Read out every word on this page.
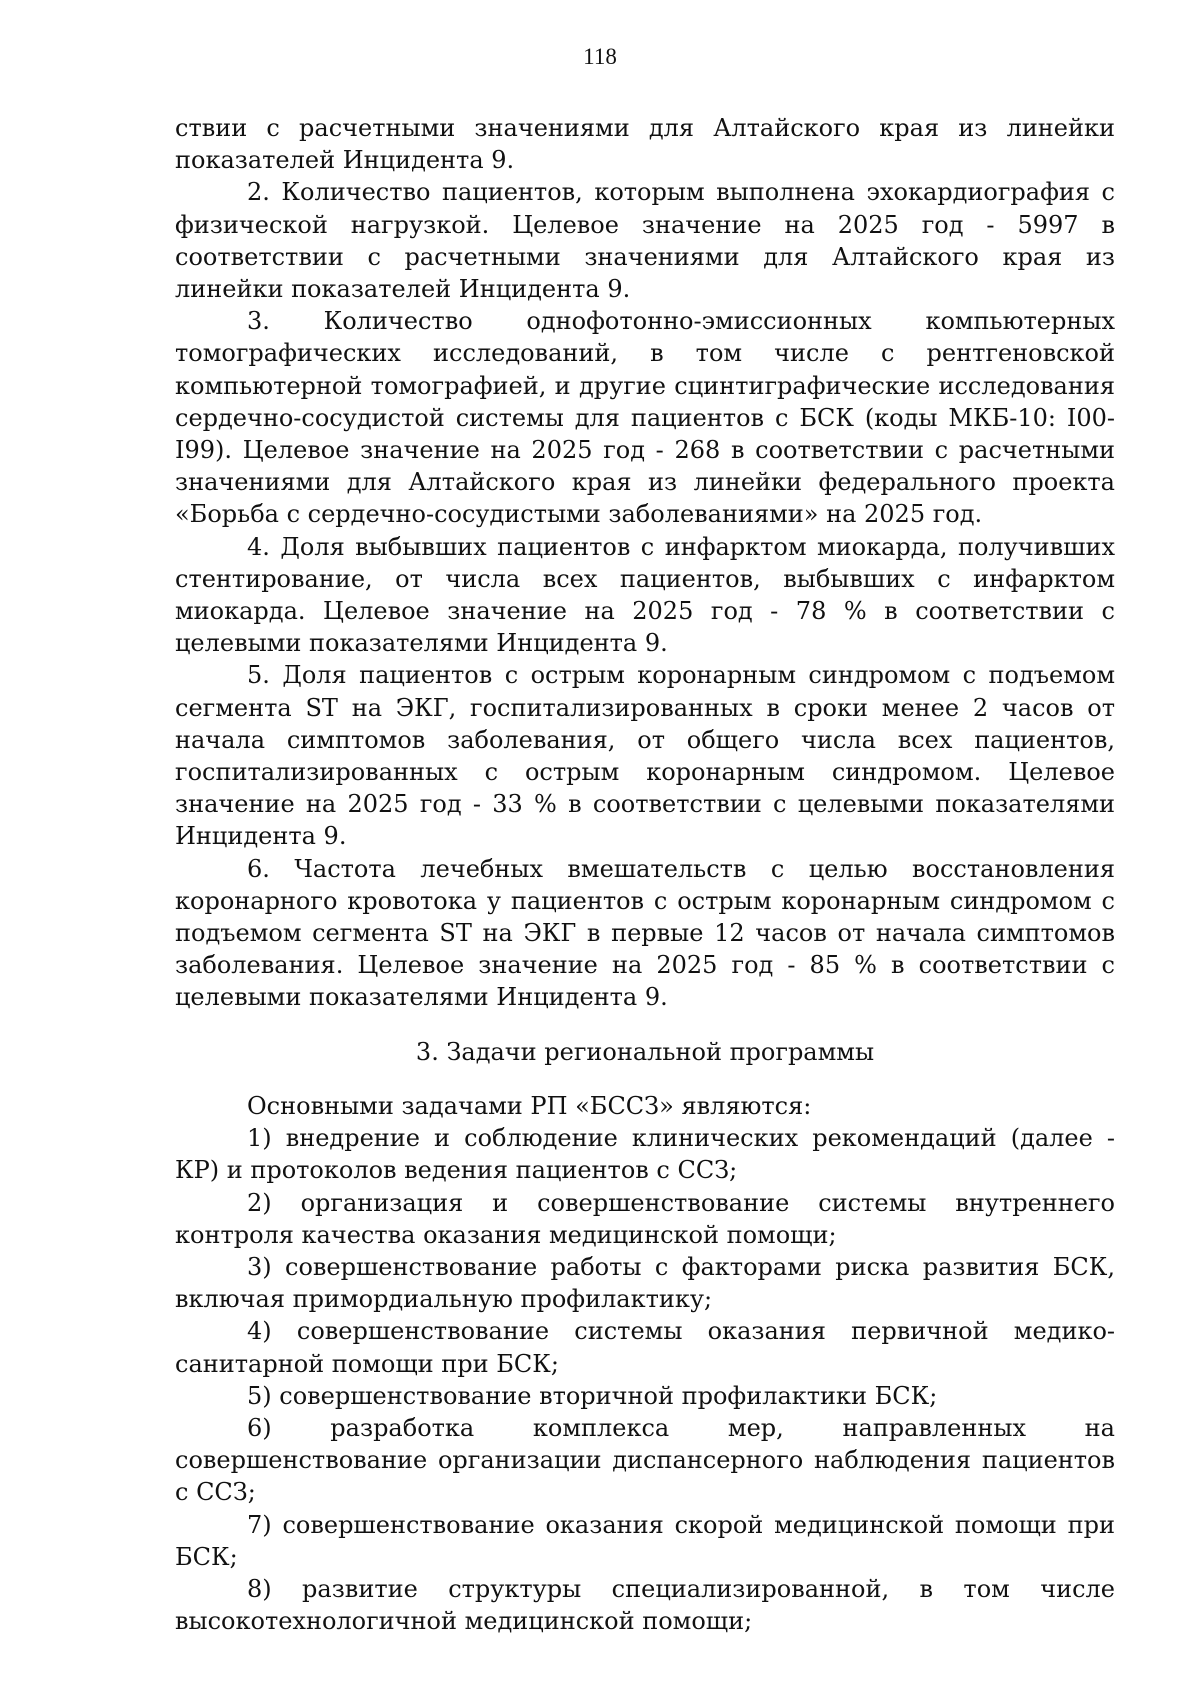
118

ствии с расчетными значениями для Алтайского края из линейки показателей Инцидента 9.

2. Количество пациентов, которым выполнена эхокардиография с физической нагрузкой. Целевое значение на 2025 год - 5997 в соответствии с расчетными значениями для Алтайского края из линейки показателей Инцидента 9.

3. Количество однофотонно-эмиссионных компьютерных томографических исследований, в том числе с рентгеновской компьютерной томографией, и другие сцинтиграфические исследования сердечно-сосудистой системы для пациентов с БСК (коды МКБ-10: I00-I99). Целевое значение на 2025 год - 268 в соответствии с расчетными значениями для Алтайского края из линейки федерального проекта «Борьба с сердечно-сосудистыми заболеваниями» на 2025 год.

4. Доля выбывших пациентов с инфарктом миокарда, получивших стентирование, от числа всех пациентов, выбывших с инфарктом миокарда. Целевое значение на 2025 год - 78 % в соответствии с целевыми показателями Инцидента 9.

5. Доля пациентов с острым коронарным синдромом с подъемом сегмента ST на ЭКГ, госпитализированных в сроки менее 2 часов от начала симптомов заболевания, от общего числа всех пациентов, госпитализированных с острым коронарным синдромом. Целевое значение на 2025 год - 33 % в соответствии с целевыми показателями Инцидента 9.

6. Частота лечебных вмешательств с целью восстановления коронарного кровотока у пациентов с острым коронарным синдромом с подъемом сегмента ST на ЭКГ в первые 12 часов от начала симптомов заболевания. Целевое значение на 2025 год - 85 % в соответствии с целевыми показателями Инцидента 9.

3. Задачи региональной программы

Основными задачами РП «БССЗ» являются:

1) внедрение и соблюдение клинических рекомендаций (далее - КР) и протоколов ведения пациентов с ССЗ;

2) организация и совершенствование системы внутреннего контроля качества оказания медицинской помощи;

3) совершенствование работы с факторами риска развития БСК, включая примордиальную профилактику;

4) совершенствование системы оказания первичной медико-санитарной помощи при БСК;

5) совершенствование вторичной профилактики БСК;

6) разработка комплекса мер, направленных на совершенствование организации диспансерного наблюдения пациентов с ССЗ;

7) совершенствование оказания скорой медицинской помощи при БСК;

8) развитие структуры специализированной, в том числе высокотехнологичной медицинской помощи;
